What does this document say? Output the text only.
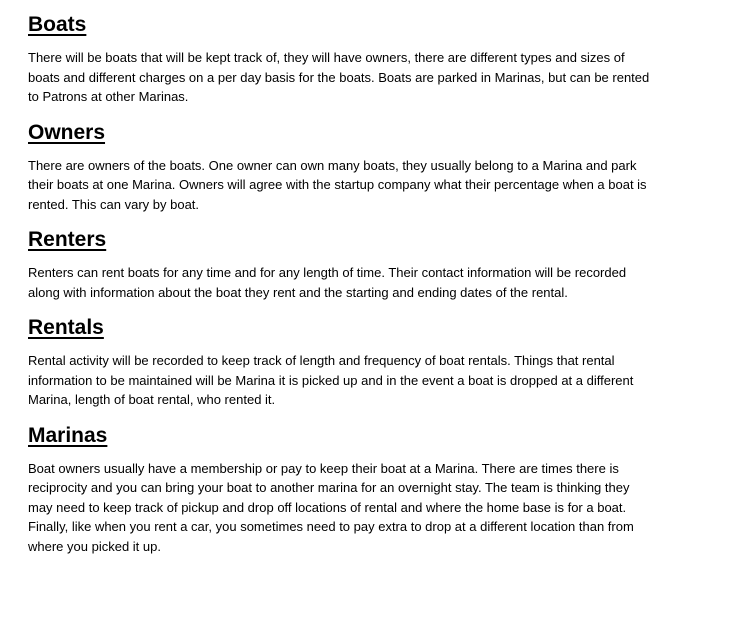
Boats

There will be boats that will be kept track of, they will have owners, there are different types and sizes of boats and different charges on a per day basis for the boats. Boats are parked in Marinas, but can be rented to Patrons at other Marinas.

Owners

There are owners of the boats. One owner can own many boats, they usually belong to a Marina and park their boats at one Marina. Owners will agree with the startup company what their percentage when a boat is rented. This can vary by boat.

Renters

Renters can rent boats for any time and for any length of time. Their contact information will be recorded along with information about the boat they rent and the starting and ending dates of the rental.

Rentals

Rental activity will be recorded to keep track of length and frequency of boat rentals. Things that rental information to be maintained will be Marina it is picked up and in the event a boat is dropped at a different Marina, length of boat rental, who rented it.

Marinas

Boat owners usually have a membership or pay to keep their boat at a Marina. There are times there is reciprocity and you can bring your boat to another marina for an overnight stay. The team is thinking they may need to keep track of pickup and drop off locations of rental and where the home base is for a boat. Finally, like when you rent a car, you sometimes need to pay extra to drop at a different location than from where you picked it up.
